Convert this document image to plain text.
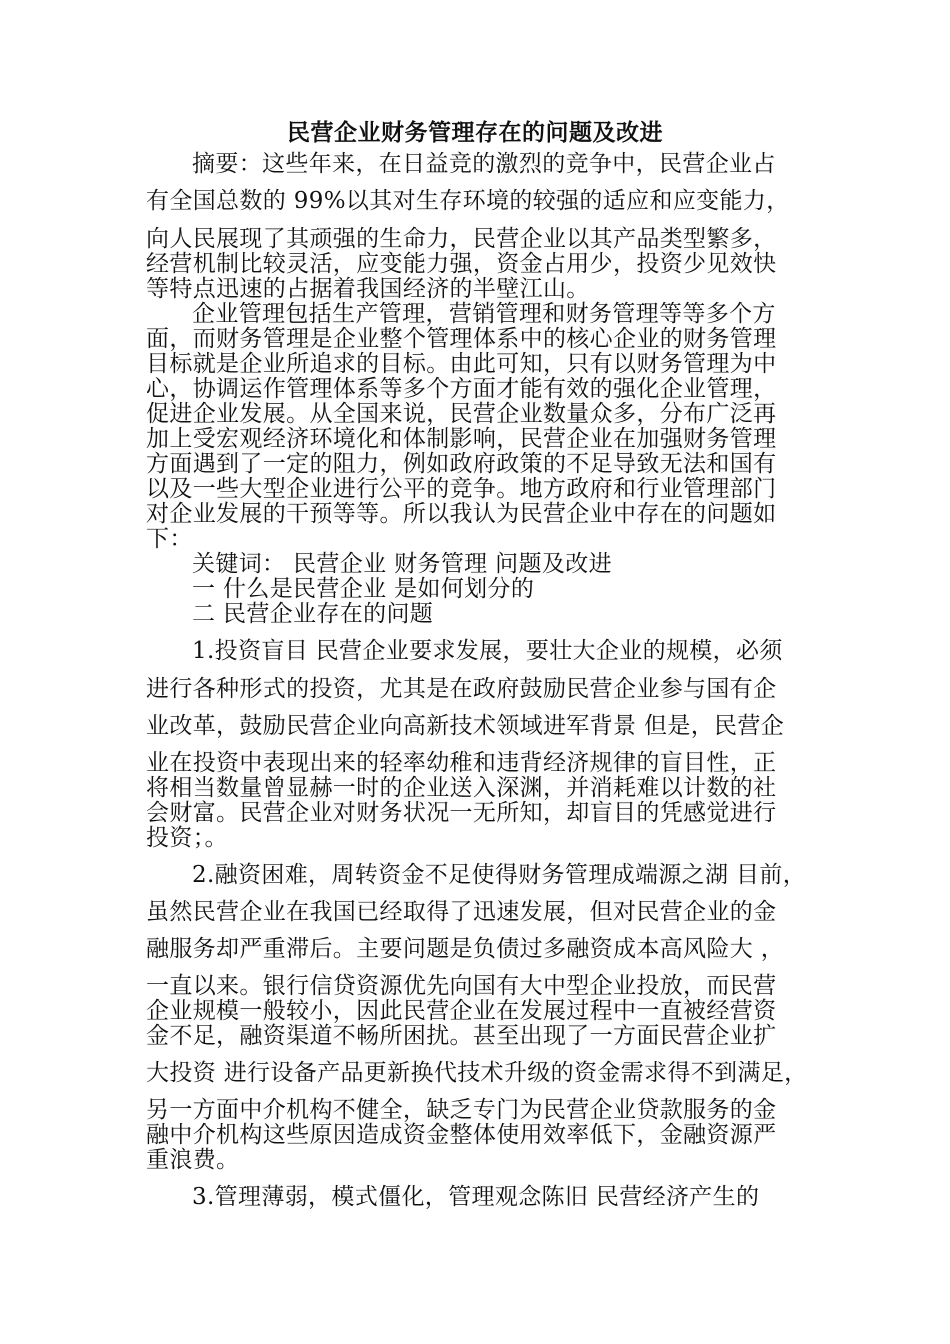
民营企业财务管理存在的问题及改进
摘要：这些年来，在日益竞的激烈的竞争中，民营企业占
有全国总数的 99%以其对生存环境的较强的适应和应变能力，
向人民展现了其顽强的生命力，民营企业以其产品类型繁多，
经营机制比较灵活，应变能力强，资金占用少，投资少见效快
等特点迅速的占据着我国经济的半壁江山。
企业管理包括生产管理，营销管理和财务管理等等多个方
面，而财务管理是企业整个管理体系中的核心企业的财务管理
目标就是企业所追求的目标。由此可知，只有以财务管理为中
心，协调运作管理体系等多个方面才能有效的强化企业管理，
促进企业发展。从全国来说，民营企业数量众多，分布广泛再
加上受宏观经济环境化和体制影响，民营企业在加强财务管理
方面遇到了一定的阻力，例如政府政策的不足导致无法和国有
以及一些大型企业进行公平的竞争。地方政府和行业管理部门
对企业发展的干预等等。所以我认为民营企业中存在的问题如
下：
关键词： 民营企业 财务管理 问题及改进
一 什么是民营企业 是如何划分的
二 民营企业存在的问题
1.投资盲目 民营企业要求发展，要壮大企业的规模，必须
进行各种形式的投资，尤其是在政府鼓励民营企业参与国有企
业改革，鼓励民营企业向高新技术领域进军背景 但是，民营企
业在投资中表现出来的轻率幼稚和违背经济规律的盲目性，正
将相当数量曾显赫一时的企业送入深渊，并消耗难以计数的社
会财富。民营企业对财务状况一无所知，却盲目的凭感觉进行
投资；。
2.融资困难，周转资金不足使得财务管理成端源之湖 目前，
虽然民营企业在我国已经取得了迅速发展，但对民营企业的金
融服务却严重滞后。主要问题是负债过多融资成本高风险大 ，
一直以来。银行信贷资源优先向国有大中型企业投放，而民营
企业规模一般较小，因此民营企业在发展过程中一直被经营资
金不足，融资渠道不畅所困扰。甚至出现了一方面民营企业扩
大投资 进行设备产品更新换代技术升级的资金需求得不到满足，
另一方面中介机构不健全，缺乏专门为民营企业贷款服务的金
融中介机构这些原因造成资金整体使用效率低下，金融资源严
重浪费。
3.管理薄弱，模式僵化，管理观念陈旧 民营经济产生的
